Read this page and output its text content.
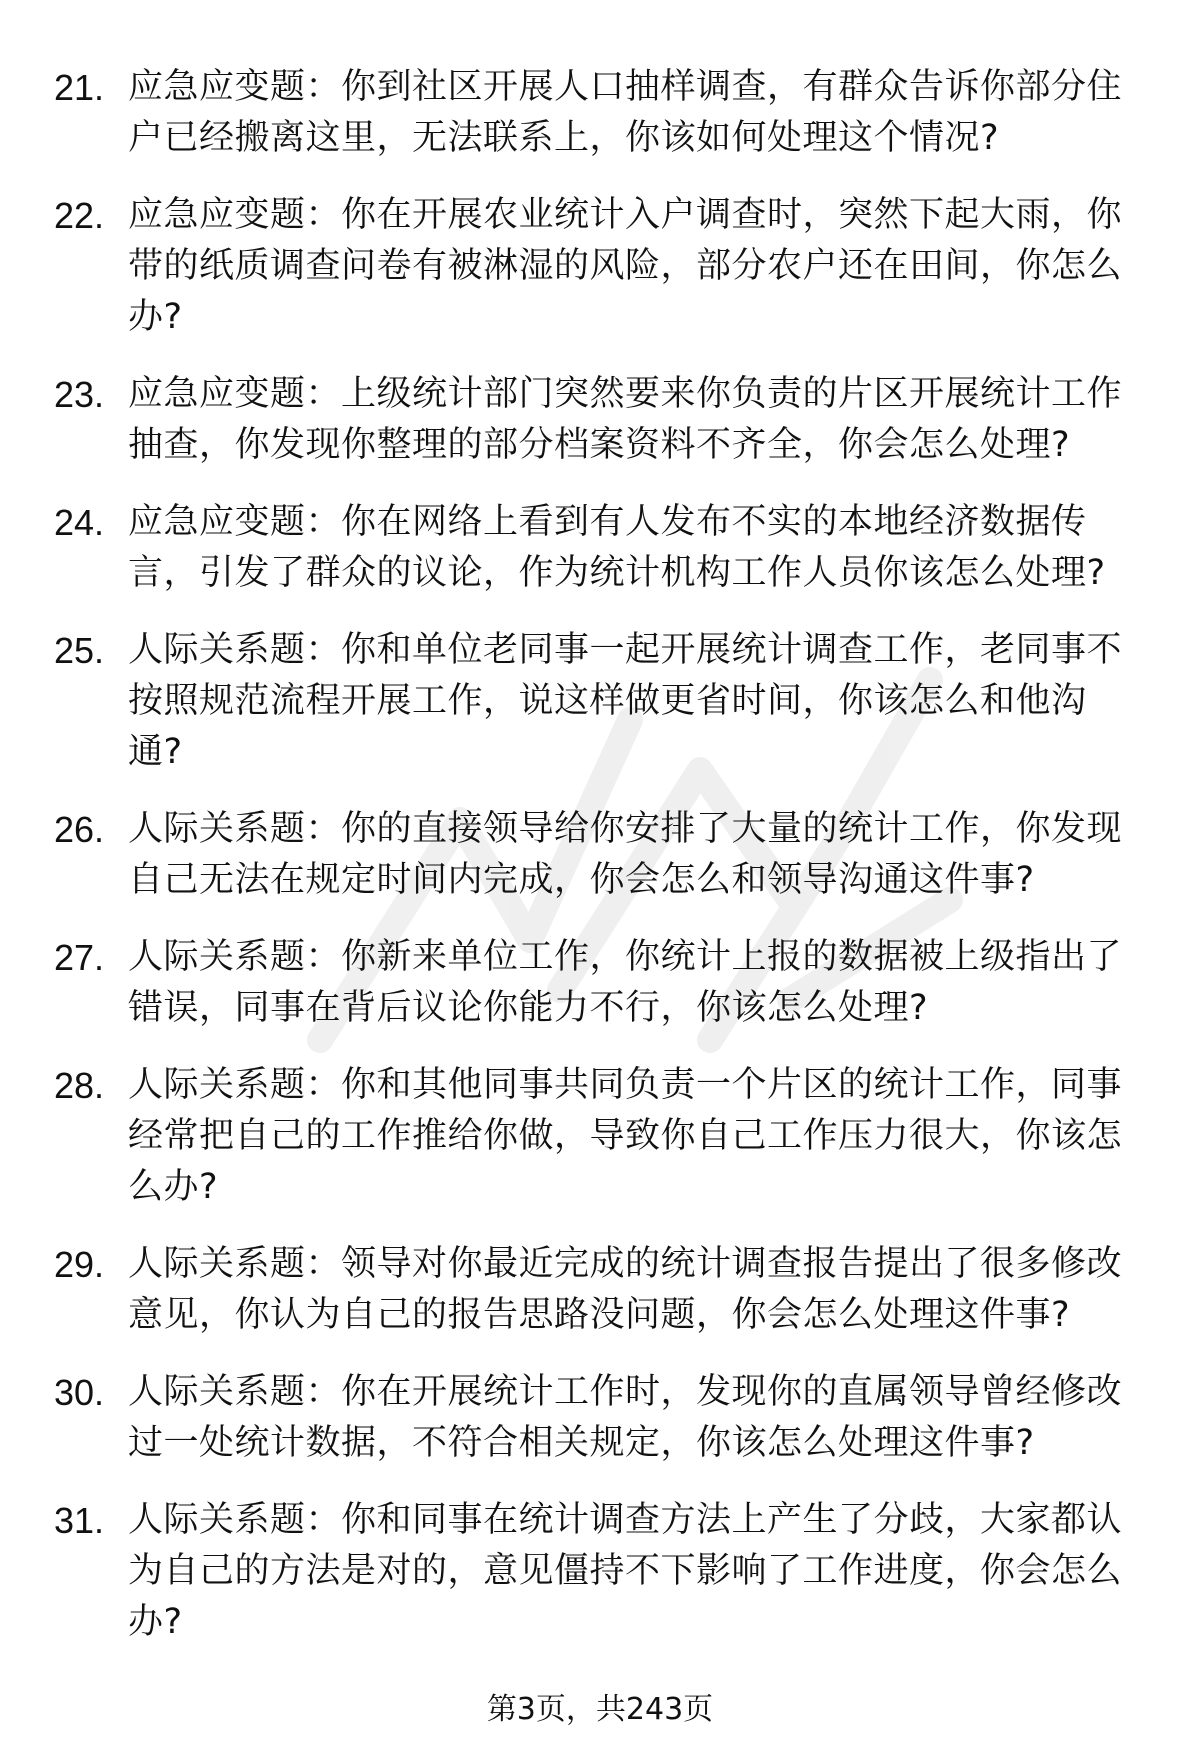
21. 应急应变题：你到社区开展人口抽样调查，有群众告诉你部分住户已经搬离这里，无法联系上，你该如何处理这个情况?
22. 应急应变题：你在开展农业统计入户调查时，突然下起大雨，你带的纸质调查问卷有被淋湿的风险，部分农户还在田间，你怎么办?
23. 应急应变题：上级统计部门突然要来你负责的片区开展统计工作抽查，你发现你整理的部分档案资料不齐全，你会怎么处理?
24. 应急应变题：你在网络上看到有人发布不实的本地经济数据传言，引发了群众的议论，作为统计机构工作人员你该怎么处理?
25. 人际关系题：你和单位老同事一起开展统计调查工作，老同事不按照规范流程开展工作，说这样做更省时间，你该怎么和他沟通?
26. 人际关系题：你的直接领导给你安排了大量的统计工作，你发现自己无法在规定时间内完成，你会怎么和领导沟通这件事?
27. 人际关系题：你新来单位工作，你统计上报的数据被上级指出了错误，同事在背后议论你能力不行，你该怎么处理?
28. 人际关系题：你和其他同事共同负责一个片区的统计工作，同事经常把自己的工作推给你做，导致你自己工作压力很大，你该怎么办?
29. 人际关系题：领导对你最近完成的统计调查报告提出了很多修改意见，你认为自己的报告思路没问题，你会怎么处理这件事?
30. 人际关系题：你在开展统计工作时，发现你的直属领导曾经修改过一处统计数据，不符合相关规定，你该怎么处理这件事?
31. 人际关系题：你和同事在统计调查方法上产生了分歧，大家都认为自己的方法是对的，意见僵持不下影响了工作进度，你会怎么办?
第3页，共243页
